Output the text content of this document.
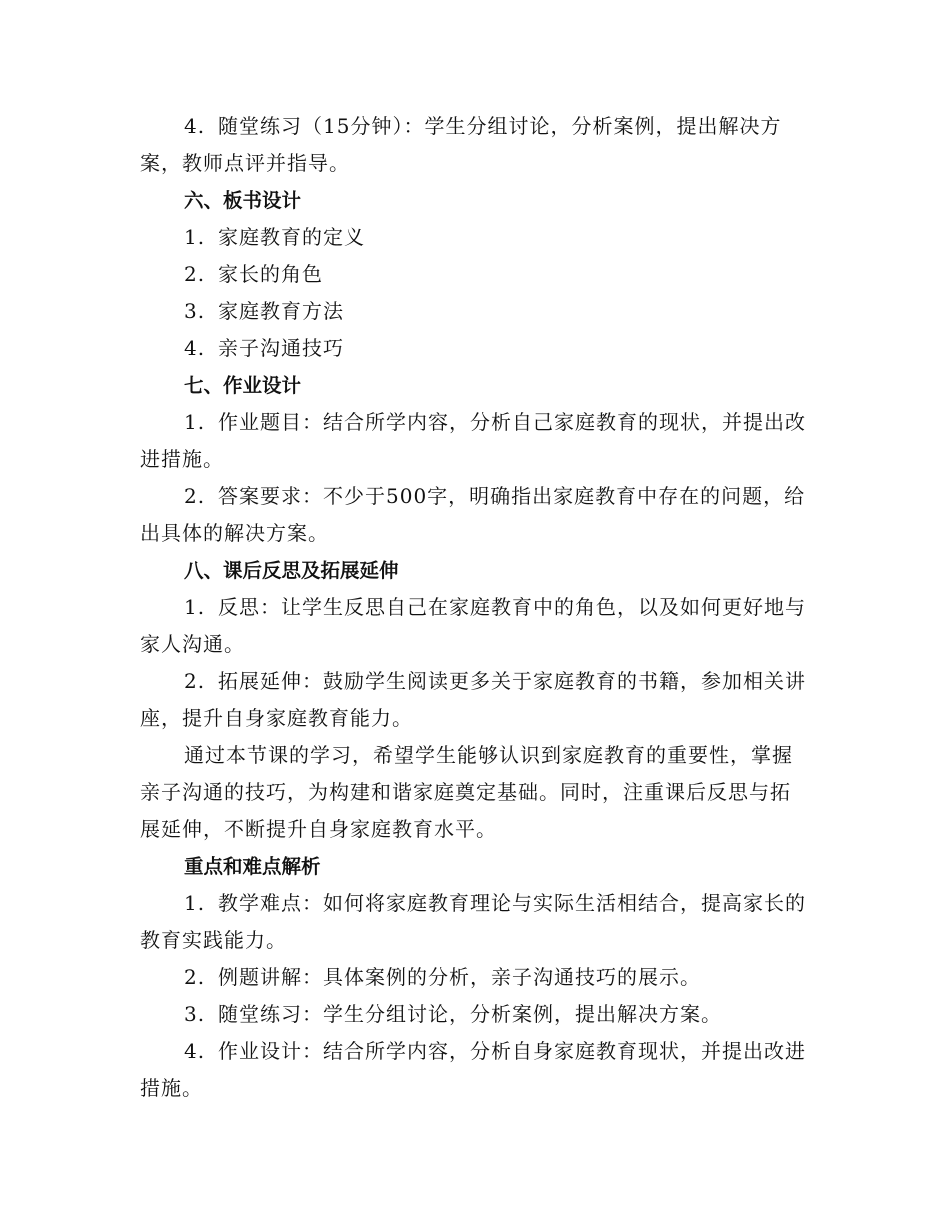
4. 随堂练习（15分钟）：学生分组讨论，分析案例，提出解决方案，教师点评并指导。

六、板书设计

1. 家庭教育的定义

2. 家长的角色

3. 家庭教育方法

4. 亲子沟通技巧

七、作业设计

1. 作业题目：结合所学内容，分析自己家庭教育的现状，并提出改进措施。

2. 答案要求：不少于500字，明确指出家庭教育中存在的问题，给出具体的解决方案。

八、课后反思及拓展延伸

1. 反思：让学生反思自己在家庭教育中的角色，以及如何更好地与家人沟通。

2. 拓展延伸：鼓励学生阅读更多关于家庭教育的书籍，参加相关讲座，提升自身家庭教育能力。

通过本节课的学习，希望学生能够认识到家庭教育的重要性，掌握亲子沟通的技巧，为构建和谐家庭奠定基础。同时，注重课后反思与拓展延伸，不断提升自身家庭教育水平。

重点和难点解析

1. 教学难点：如何将家庭教育理论与实际生活相结合，提高家长的教育实践能力。

2. 例题讲解：具体案例的分析，亲子沟通技巧的展示。

3. 随堂练习：学生分组讨论，分析案例，提出解决方案。

4. 作业设计：结合所学内容，分析自身家庭教育现状，并提出改进措施。
